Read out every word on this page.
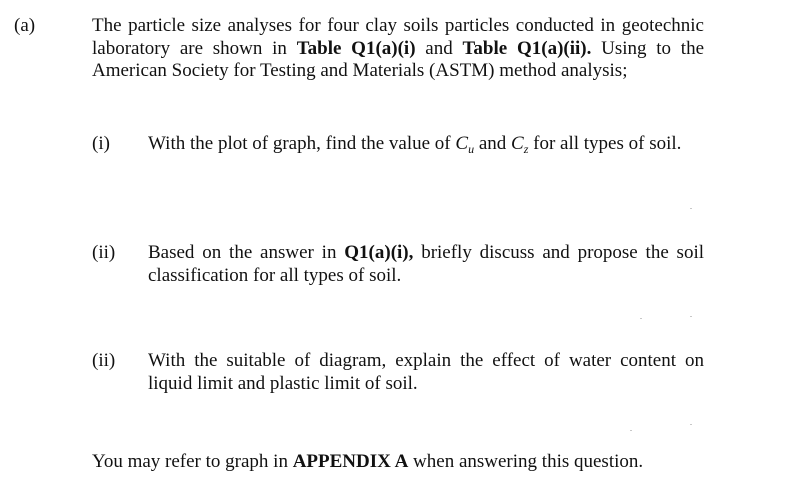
(a)	The particle size analyses for four clay soils particles conducted in geotechnic laboratory are shown in Table Q1(a)(i) and Table Q1(a)(ii). Using to the American Society for Testing and Materials (ASTM) method analysis;
(i) With the plot of graph, find the value of $C_u$ and $C_z$ for all types of soil.
(ii) Based on the answer in Q1(a)(i), briefly discuss and propose the soil classification for all types of soil.
(ii) With the suitable of diagram, explain the effect of water content on liquid limit and plastic limit of soil.
You may refer to graph in APPENDIX A when answering this question.
